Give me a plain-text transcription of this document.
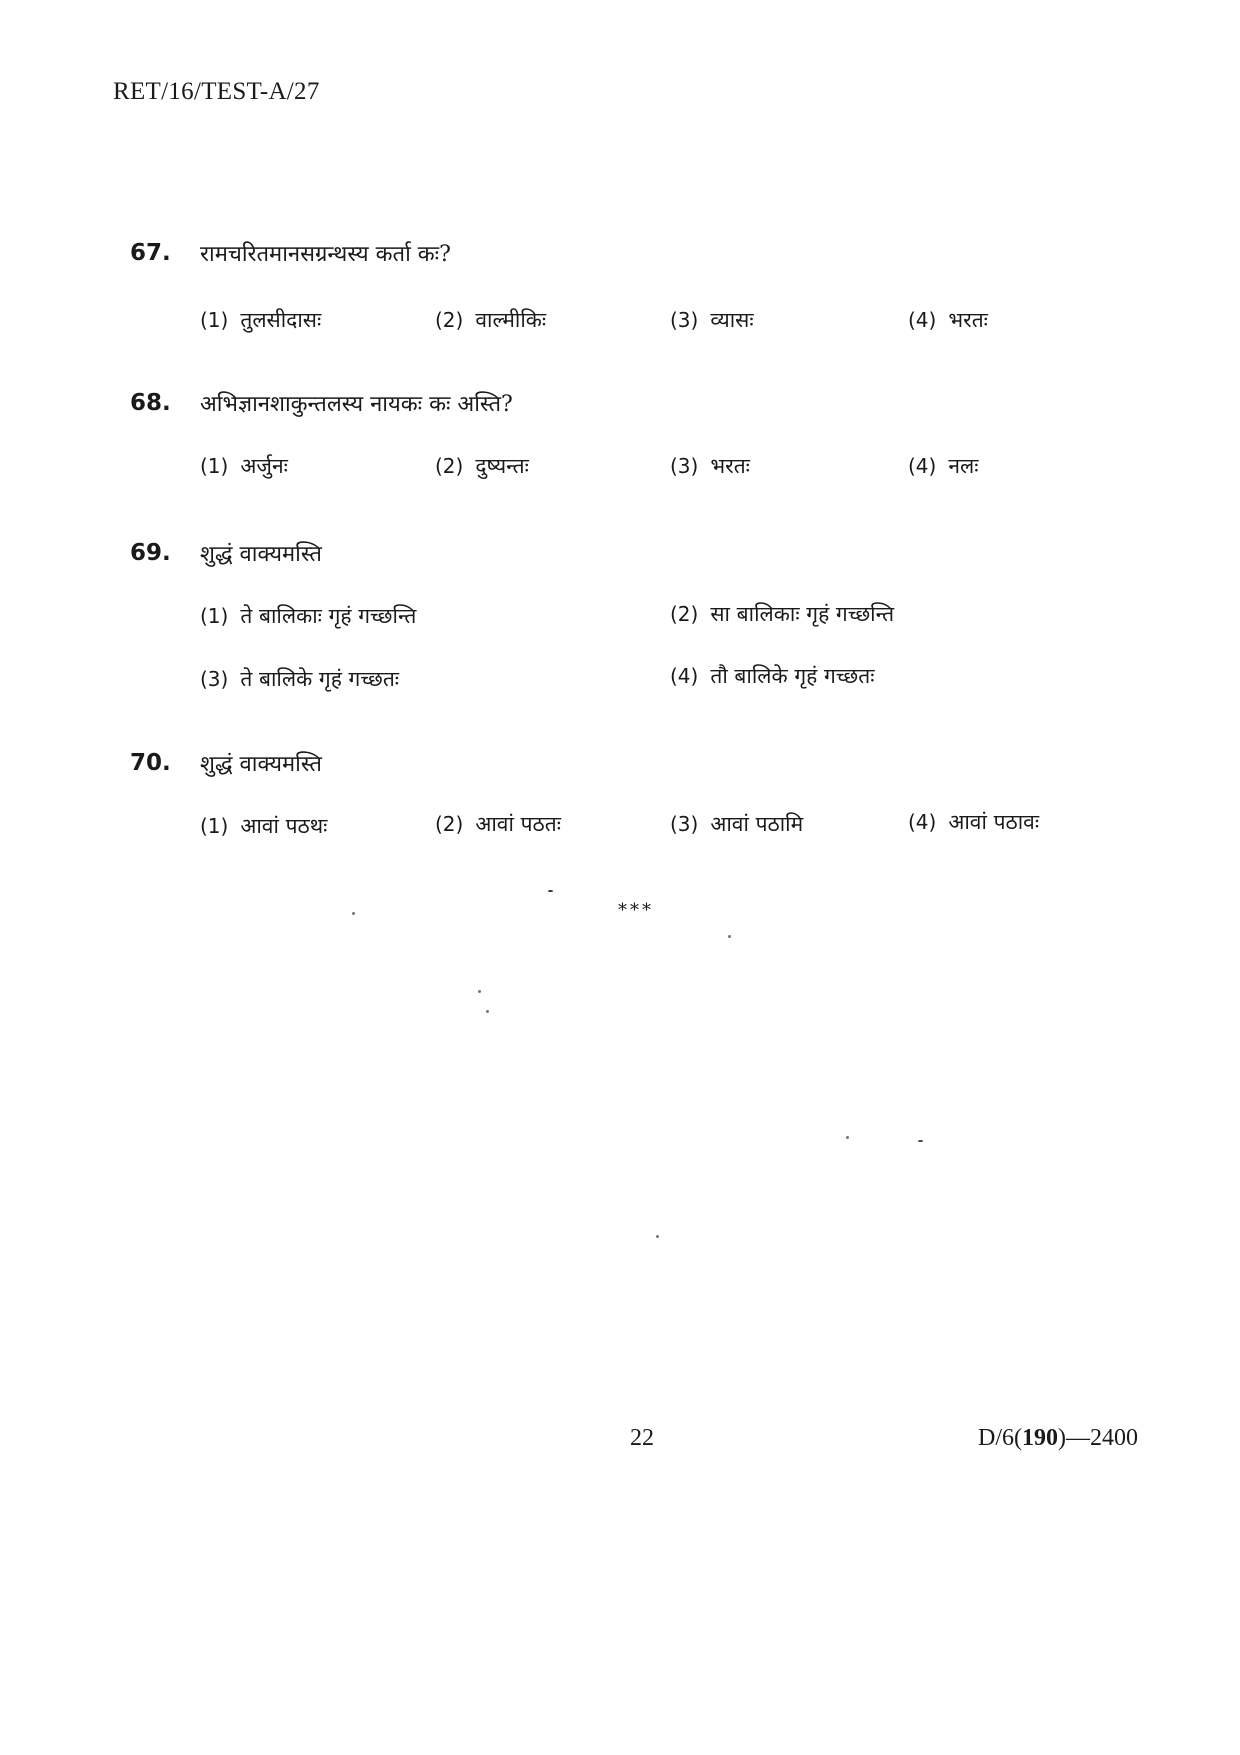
RET/16/TEST-A/27
67. रामचरितमानसग्रन्थस्य कर्ता कः?
(1) तुलसीदासः	(2) वाल्मीकिः	(3) व्यासः	(4) भरतः
68. अभिज्ञानशाकुन्तलस्य नायकः कः अस्ति?
(1) अर्जुनः	(2) दुष्यन्तः	(3) भरतः	(4) नलः
69. शुद्धं वाक्यमस्ति
(1) ते बालिकाः गृहं गच्छन्ति	(2) सा बालिकाः गृहं गच्छन्ति
(3) ते बालिके गृहं गच्छतः	(4) तौ बालिके गृहं गच्छतः
70. शुद्धं वाक्यमस्ति
(1) आवां पठथः	(2) आवां पठतः	(3) आवां पठामि	(4) आवां पठावः
***
22	D/6(190)—2400
